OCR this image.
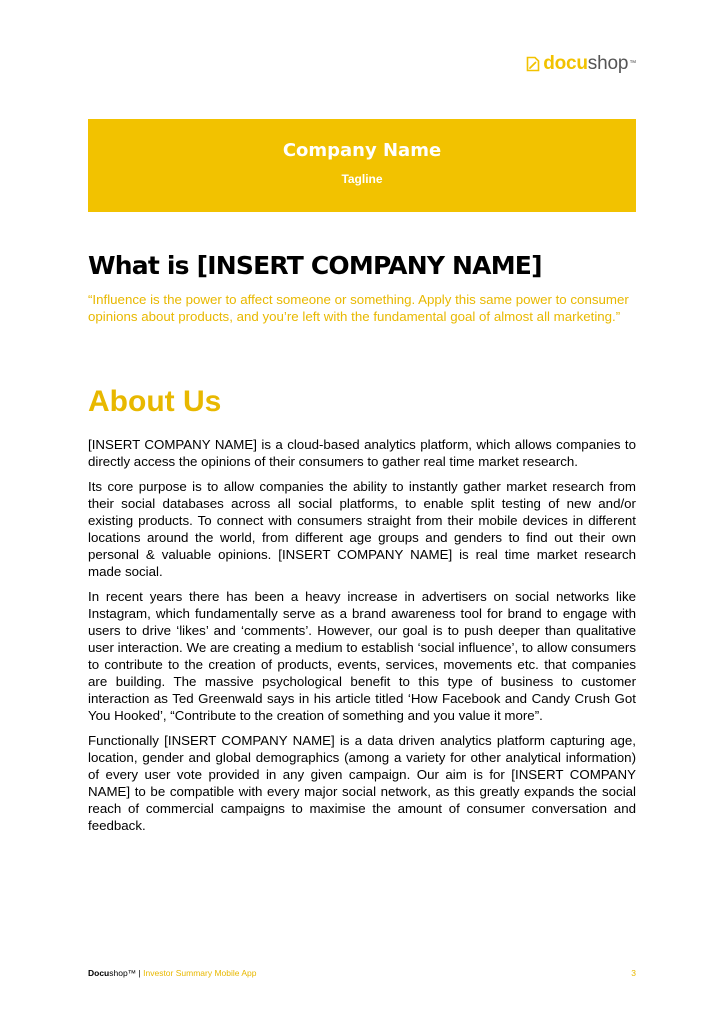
docushop™
Company Name
Tagline
What is [INSERT COMPANY NAME]

“Influence is the power to affect someone or something. Apply this same power to consumer opinions about products, and you’re left with the fundamental goal of almost all marketing.”

About Us

[INSERT COMPANY NAME] is a cloud-based analytics platform, which allows companies to directly access the opinions of their consumers to gather real time market research.

Its core purpose is to allow companies the ability to instantly gather market research from their social databases across all social platforms, to enable split testing of new and/or existing products. To connect with consumers straight from their mobile devices in different locations around the world, from different age groups and genders to find out their own personal & valuable opinions. [INSERT COMPANY NAME] is real time market research made social.

In recent years there has been a heavy increase in advertisers on social networks like Instagram, which fundamentally serve as a brand awareness tool for brand to engage with users to drive ‘likes’ and ‘comments’. However, our goal is to push deeper than qualitative user interaction. We are creating a medium to establish ‘social influence’, to allow consumers to contribute to the creation of products, events, services, movements etc. that companies are building. The massive psychological benefit to this type of business to customer interaction as Ted Greenwald says in his article titled ‘How Facebook and Candy Crush Got You Hooked’, “Contribute to the creation of something and you value it more”.

Functionally [INSERT COMPANY NAME] is a data driven analytics platform capturing age, location, gender and global demographics (among a variety for other analytical information) of every user vote provided in any given campaign. Our aim is for [INSERT COMPANY NAME] to be compatible with every major social network, as this greatly expands the social reach of commercial campaigns to maximise the amount of consumer conversation and feedback.

Docushop™ | Investor Summary Mobile App	3
